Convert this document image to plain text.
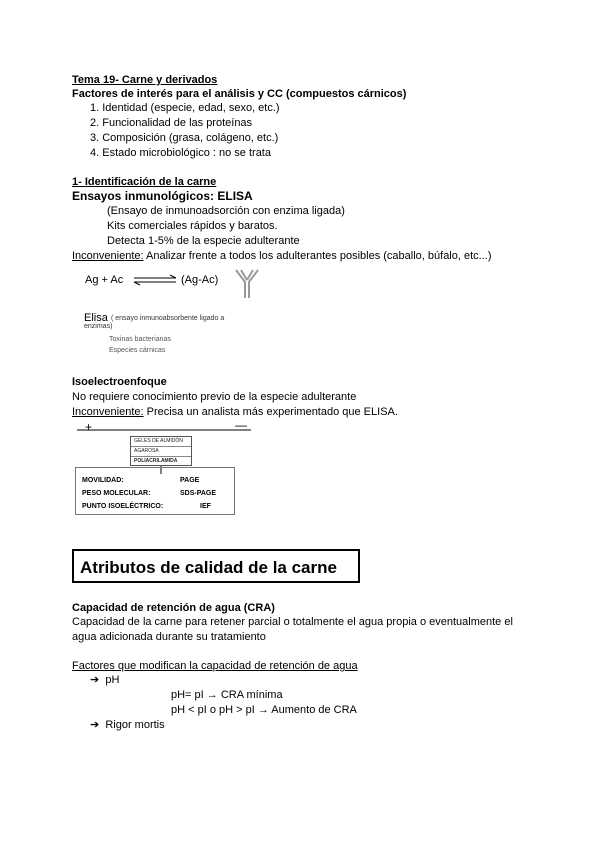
Tema 19- Carne y derivados
Factores de interés para el análisis y CC (compuestos cárnicos)
1. Identidad (especie, edad, sexo, etc.)
2. Funcionalidad de las proteínas
3. Composición (grasa, colágeno, etc.)
4. Estado microbiológico : no se trata
1- Identificación de la carne
Ensayos inmunológicos: ELISA
(Ensayo de inmunoadsorción con enzima ligada)
Kits comerciales rápidos y baratos.
Detecta 1-5% de la especie adulterante
Inconveniente: Analizar frente a todos los adulterantes posibles (caballo, búfalo, etc...)
Ag + Ac ⇌ (Ag-Ac)
Elisa ( ensayo inmunoabsorbente ligado a
enzimas)
Toxinas bacterianas
Especies cárnicas
Isoelectroenfoque
No requiere conocimiento previo de la especie adulterante
Inconveniente: Precisa un analista más experimentado que ELISA.
+	—
GELES DE ALMIDÓN
AGAROSA
POLIACRILAMIDA
MOVILIDAD:	PAGE
PESO MOLECULAR:	SDS-PAGE
PUNTO ISOELÉCTRICO:	IEF
Atributos de calidad de la carne
Capacidad de retención de agua (CRA)
Capacidad de la carne para retener parcial o totalmente el agua propia o eventualmente el
agua adicionada durante su tratamiento
Factores que modifican la capacidad de retención de agua
➔ pH
pH= pI → CRA mínima
pH < pI o pH > pI → Aumento de CRA
➔ Rigor mortis
